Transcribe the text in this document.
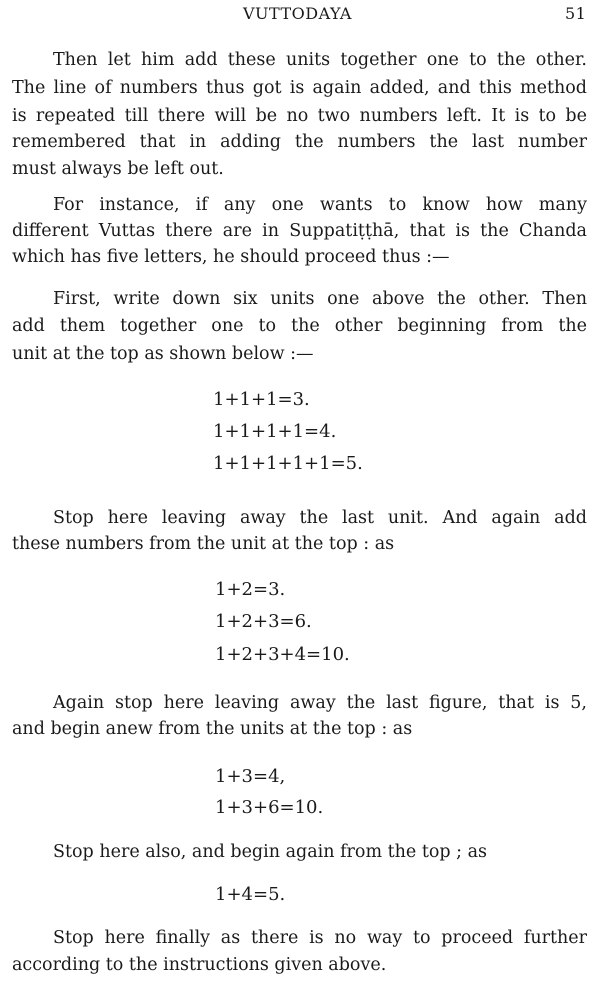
VUTTODAYA	51
Then let him add these units together one to the other.
The line of numbers thus got is again added, and this method
is repeated till there will be no two numbers left. It is to be
remembered that in adding the numbers the last number
must always be left out.
For instance, if any one wants to know how many
different Vuttas there are in Suppatiṭṭhā, that is the Chanda
which has five letters, he should proceed thus :—
First, write down six units one above the other. Then
add them together one to the other beginning from the
unit at the top as shown below :—
1+1+1=3.
1+1+1+1=4.
1+1+1+1+1=5.
Stop here leaving away the last unit. And again add
these numbers from the unit at the top : as
1+2=3.
1+2+3=6.
1+2+3+4=10.
Again stop here leaving away the last figure, that is 5,
and begin anew from the units at the top : as
1+3=4,
1+3+6=10.
Stop here also, and begin again from the top ; as
1+4=5.
Stop here finally as there is no way to proceed further
according to the instructions given above.
